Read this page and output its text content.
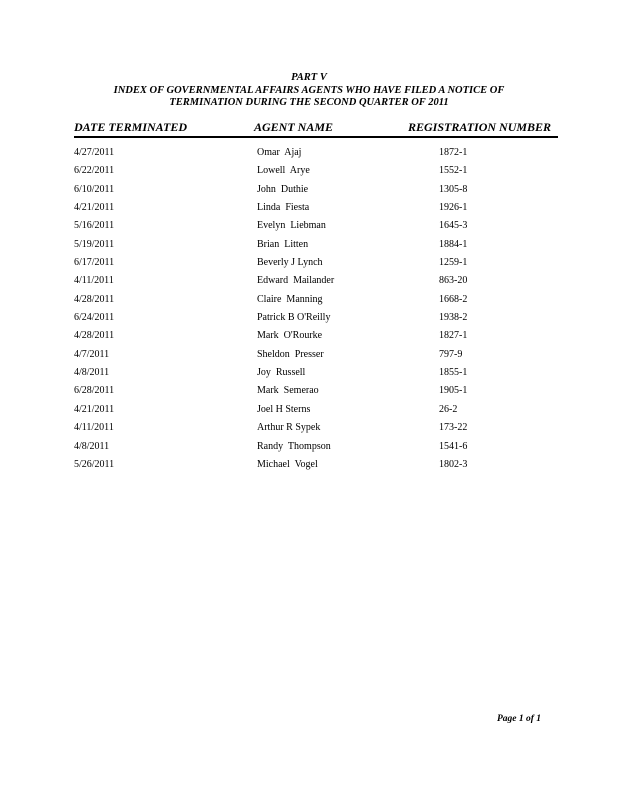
PART V
INDEX OF GOVERNMENTAL AFFAIRS AGENTS WHO HAVE FILED A NOTICE OF
TERMINATION DURING THE SECOND QUARTER OF 2011
DATE TERMINATED	AGENT NAME	REGISTRATION NUMBER
4/27/2011	Omar  Ajaj	1872-1
6/22/2011	Lowell  Arye	1552-1
6/10/2011	John  Duthie	1305-8
4/21/2011	Linda  Fiesta	1926-1
5/16/2011	Evelyn  Liebman	1645-3
5/19/2011	Brian  Litten	1884-1
6/17/2011	Beverly J Lynch	1259-1
4/11/2011	Edward  Mailander	863-20
4/28/2011	Claire  Manning	1668-2
6/24/2011	Patrick B O'Reilly	1938-2
4/28/2011	Mark  O'Rourke	1827-1
4/7/2011	Sheldon  Presser	797-9
4/8/2011	Joy  Russell	1855-1
6/28/2011	Mark  Semerao	1905-1
4/21/2011	Joel H Sterns	26-2
4/11/2011	Arthur R Sypek	173-22
4/8/2011	Randy  Thompson	1541-6
5/26/2011	Michael  Vogel	1802-3
Page 1 of 1
